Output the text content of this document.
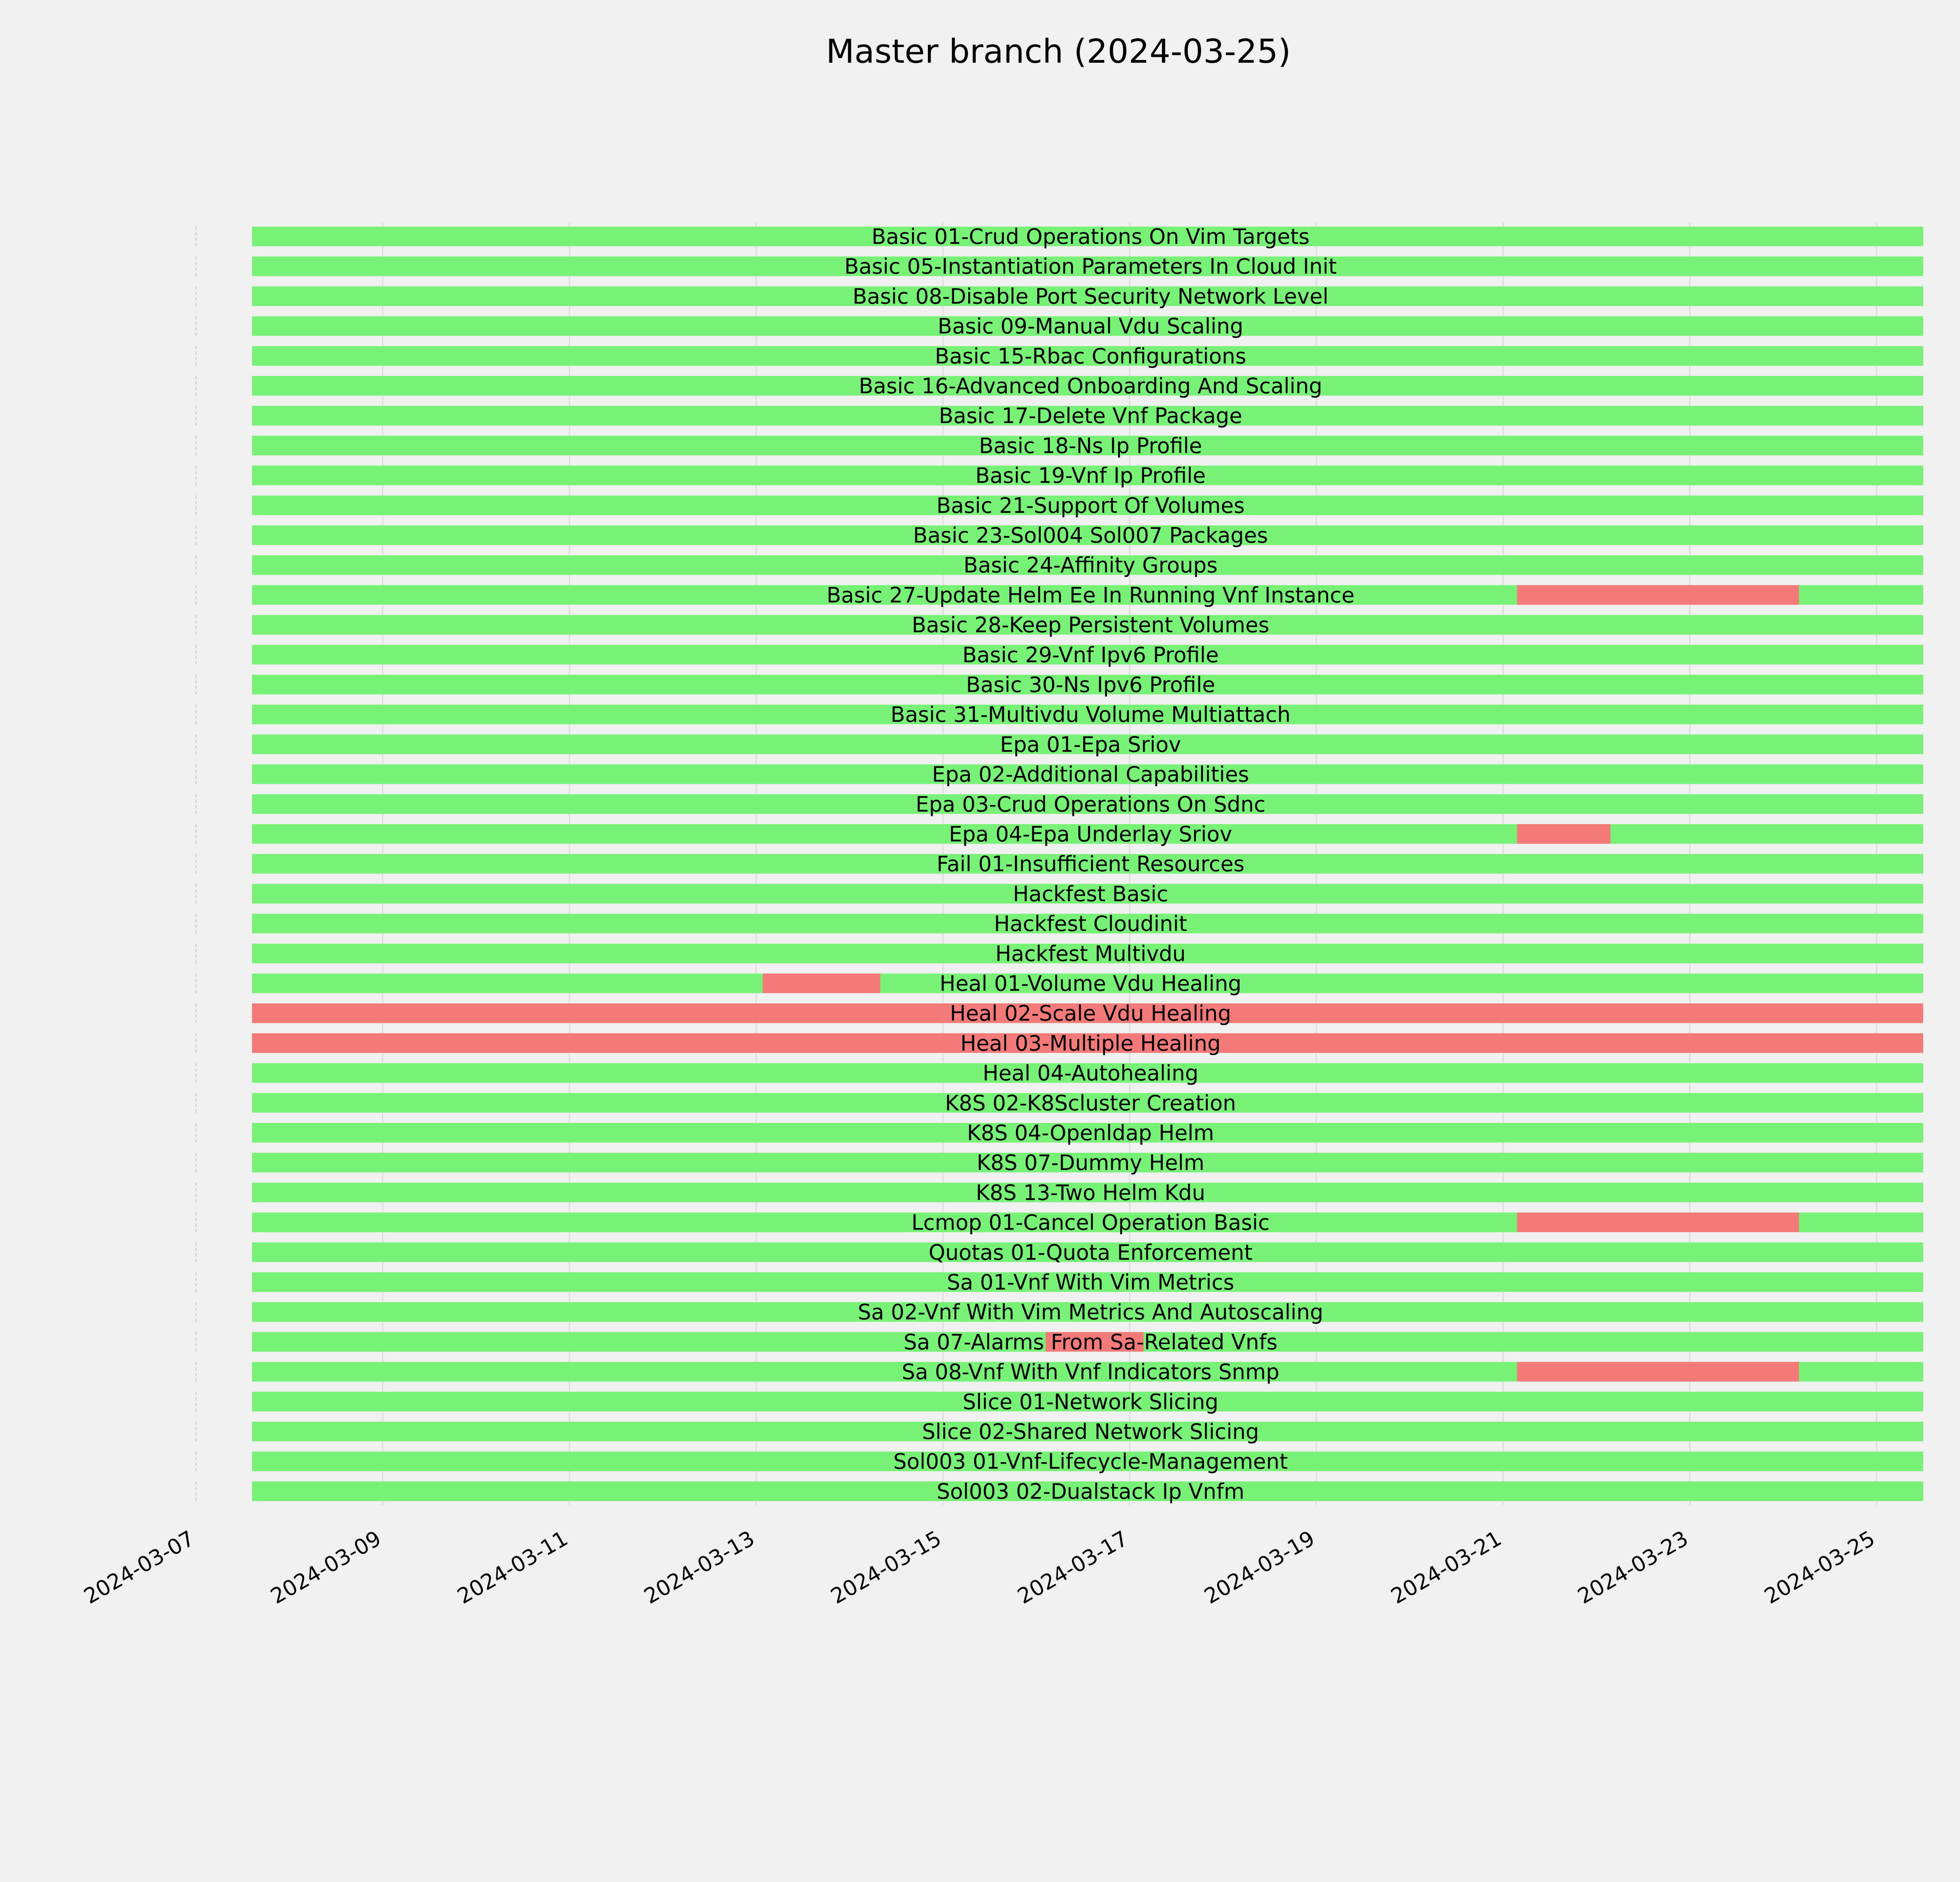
Master branch (2024-03-25)
Basic 01-Crud Operations On Vim Targets
Basic 05-Instantiation Parameters In Cloud Init
Basic 08-Disable Port Security Network Level
Basic 09-Manual Vdu Scaling
Basic 15-Rbac Configurations
Basic 16-Advanced Onboarding And Scaling
Basic 17-Delete Vnf Package
Basic 18-Ns Ip Profile
Basic 19-Vnf Ip Profile
Basic 21-Support Of Volumes
Basic 23-Sol004 Sol007 Packages
Basic 24-Affinity Groups
Basic 27-Update Helm Ee In Running Vnf Instance
Basic 28-Keep Persistent Volumes
Basic 29-Vnf Ipv6 Profile
Basic 30-Ns Ipv6 Profile
Basic 31-Multivdu Volume Multiattach
Epa 01-Epa Sriov
Epa 02-Additional Capabilities
Epa 03-Crud Operations On Sdnc
Epa 04-Epa Underlay Sriov
Fail 01-Insufficient Resources
Hackfest Basic
Hackfest Cloudinit
Hackfest Multivdu
Heal 01-Volume Vdu Healing
Heal 02-Scale Vdu Healing
Heal 03-Multiple Healing
Heal 04-Autohealing
K8S 02-K8Scluster Creation
K8S 04-Openldap Helm
K8S 07-Dummy Helm
K8S 13-Two Helm Kdu
Lcmop 01-Cancel Operation Basic
Quotas 01-Quota Enforcement
Sa 01-Vnf With Vim Metrics
Sa 02-Vnf With Vim Metrics And Autoscaling
Sa 07-Alarms From Sa-Related Vnfs
Sa 08-Vnf With Vnf Indicators Snmp
Slice 01-Network Slicing
Slice 02-Shared Network Slicing
Sol003 01-Vnf-Lifecycle-Management
Sol003 02-Dualstack Ip Vnfm
2024-03-07	2024-03-09	2024-03-11	2024-03-13	2024-03-15	2024-03-17	2024-03-19	2024-03-21	2024-03-23	2024-03-25
